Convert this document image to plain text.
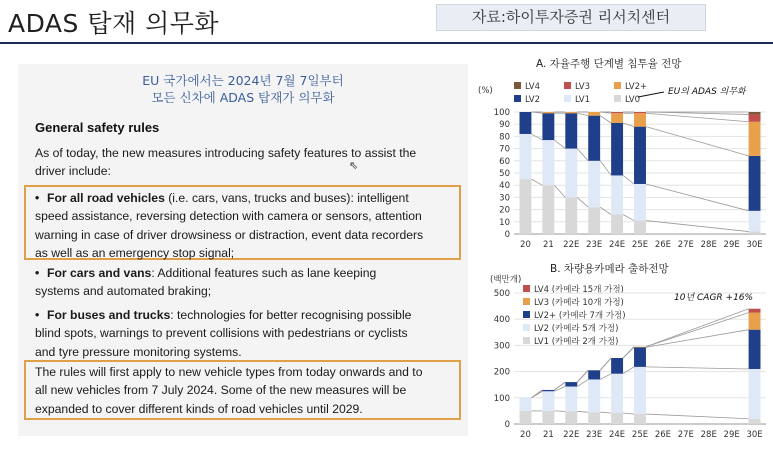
ADAS 탑재 의무화	자료:하이투자증권 리서치센터
EU 국가에서는 2024년 7월 7일부터
모든 신차에 ADAS 탑재가 의무화
General safety rules
As of today, the new measures introducing safety features to assist the
driver include:
• For all road vehicles (i.e. cars, vans, trucks and buses): intelligent
speed assistance, reversing detection with camera or sensors, attention
warning in case of driver drowsiness or distraction, event data recorders
as well as an emergency stop signal;
• For cars and vans: Additional features such as lane keeping
systems and automated braking;
• For buses and trucks: technologies for better recognising possible
blind spots, warnings to prevent collisions with pedestrians or cyclists
and tyre pressure monitoring systems.
The rules will first apply to new vehicle types from today onwards and to
all new vehicles from 7 July 2024. Some of the new measures will be
expanded to cover different kinds of road vehicles until 2029.
⇖
A. 자율주행 단계별 침투율 전망
(%)	LV4	LV3	LV2+
LV2	LV1	LV0
0
10
20
30
40
50
60
70
80
90
100
20 21 22E 23E 24E 25E 26E 27E 28E 29E 30E
EU의 ADAS 의무화
B. 차량용카메라 출하전망
(백만개)
LV4 (카메라 15개 가정)
LV3 (카메라 10개 가정)
LV2+ (카메라 7개 가정)
LV2 (카메라 5개 가정)
LV1 (카메라 2개 가정)
0
100
200
300
400
500
20 21 22E 23E 24E 25E 26E 27E 28E 29E 30E
10년 CAGR +16%
